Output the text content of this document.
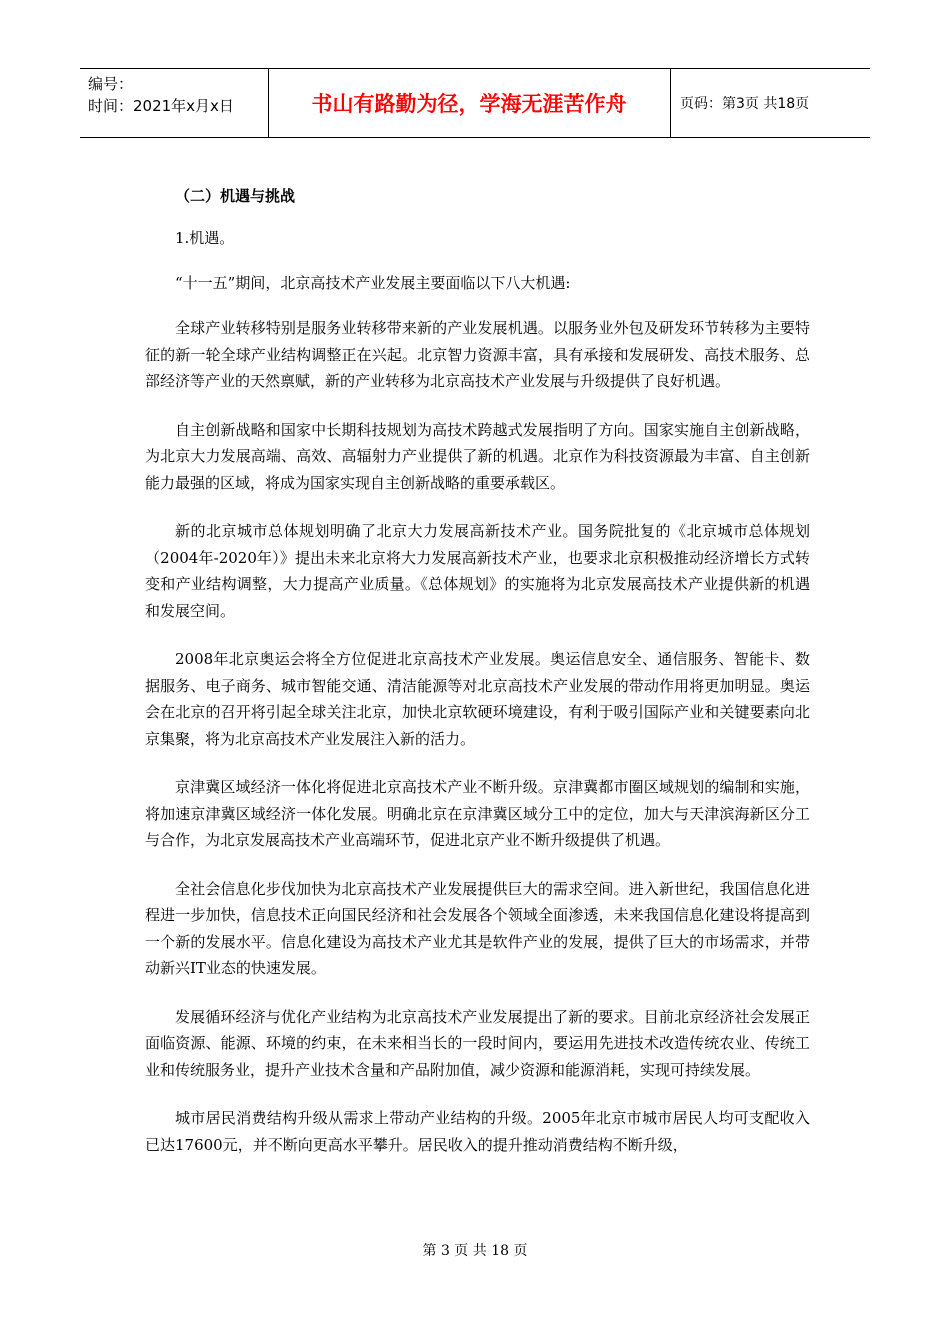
编号：
时间：2021年x月x日	书山有路勤为径，学海无涯苦作舟	页码：第3页 共18页
（二）机遇与挑战
1.机遇。
“十一五”期间，北京高技术产业发展主要面临以下八大机遇:

全球产业转移特别是服务业转移带来新的产业发展机遇。以服务业外包及研发环节转移为主要特征的新一轮全球产业结构调整正在兴起。北京智力资源丰富，具有承接和发展研发、高技术服务、总部经济等产业的天然禀赋，新的产业转移为北京高技术产业发展与升级提供了良好机遇。

自主创新战略和国家中长期科技规划为高技术跨越式发展指明了方向。国家实施自主创新战略，为北京大力发展高端、高效、高辐射力产业提供了新的机遇。北京作为科技资源最为丰富、自主创新能力最强的区域，将成为国家实现自主创新战略的重要承载区。

新的北京城市总体规划明确了北京大力发展高新技术产业。国务院批复的《北京城市总体规划（2004年-2020年）》提出未来北京将大力发展高新技术产业，也要求北京积极推动经济增长方式转变和产业结构调整，大力提高产业质量。《总体规划》的实施将为北京发展高技术产业提供新的机遇和发展空间。

2008年北京奥运会将全方位促进北京高技术产业发展。奥运信息安全、通信服务、智能卡、数据服务、电子商务、城市智能交通、清洁能源等对北京高技术产业发展的带动作用将更加明显。奥运会在北京的召开将引起全球关注北京，加快北京软硬环境建设，有利于吸引国际产业和关键要素向北京集聚，将为北京高技术产业发展注入新的活力。

京津冀区域经济一体化将促进北京高技术产业不断升级。京津冀都市圈区域规划的编制和实施，将加速京津冀区域经济一体化发展。明确北京在京津冀区域分工中的定位，加大与天津滨海新区分工与合作，为北京发展高技术产业高端环节，促进北京产业不断升级提供了机遇。

全社会信息化步伐加快为北京高技术产业发展提供巨大的需求空间。进入新世纪，我国信息化进程进一步加快，信息技术正向国民经济和社会发展各个领域全面渗透，未来我国信息化建设将提高到一个新的发展水平。信息化建设为高技术产业尤其是软件产业的发展，提供了巨大的市场需求，并带动新兴IT业态的快速发展。

发展循环经济与优化产业结构为北京高技术产业发展提出了新的要求。目前北京经济社会发展正面临资源、能源、环境的约束，在未来相当长的一段时间内，要运用先进技术改造传统农业、传统工业和传统服务业，提升产业技术含量和产品附加值，减少资源和能源消耗，实现可持续发展。

城市居民消费结构升级从需求上带动产业结构的升级。2005年北京市城市居民人均可支配收入已达17600元，并不断向更高水平攀升。居民收入的提升推动消费结构不断升级，

第 3 页 共 18 页
